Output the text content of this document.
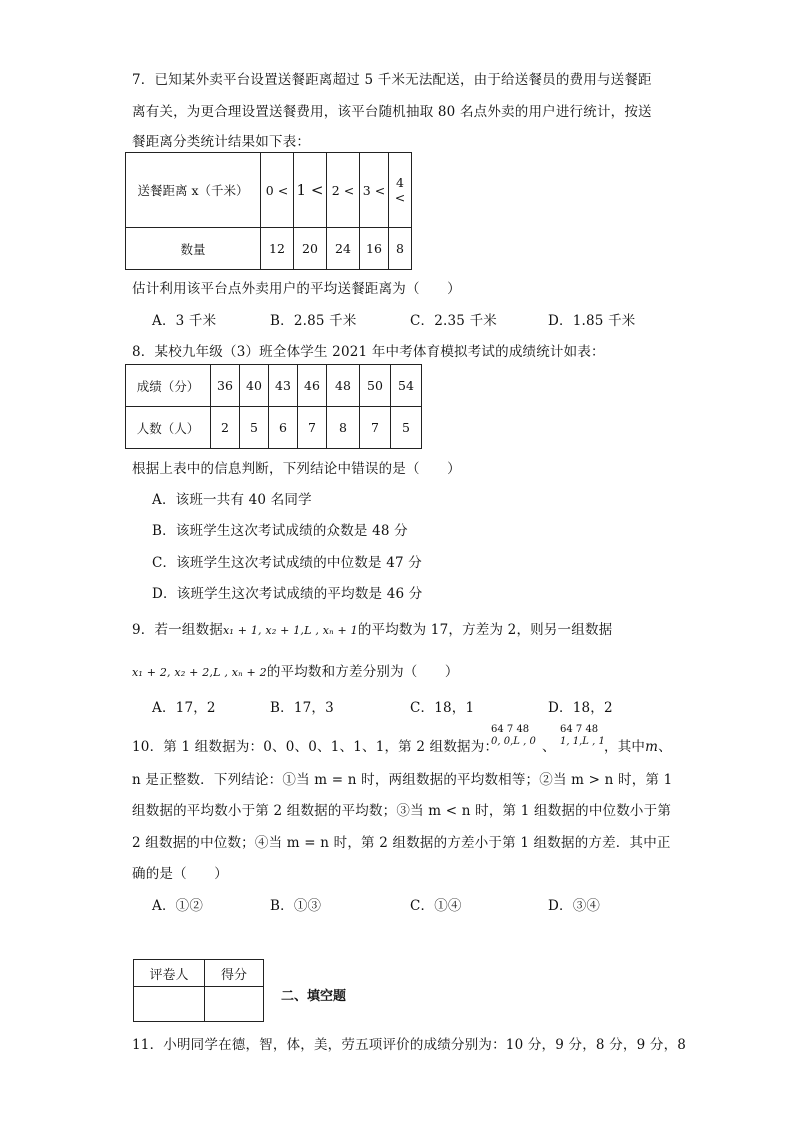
7．已知某外卖平台设置送餐距离超过 5 千米无法配送，由于给送餐员的费用与送餐距
离有关，为更合理设置送餐费用，该平台随机抽取 80 名点外卖的用户进行统计，按送
餐距离分类统计结果如下表：
送餐距离 x（千米）	0 <	1 <	2 <	3 <	4 <
数量	12	20	24	16	8
估计利用该平台点外卖用户的平均送餐距离为（　　）
A．3 千米	B．2.85 千米	C．2.35 千米	D．1.85 千米
8．某校九年级（3）班全体学生 2021 年中考体育模拟考试的成绩统计如表：
成绩（分）	36	40	43	46	48	50	54
人数（人）	2	5	6	7	8	7	5
根据上表中的信息判断，下列结论中错误的是（　　）
A．该班一共有 40 名同学
B．该班学生这次考试成绩的众数是 48 分
C．该班学生这次考试成绩的中位数是 47 分
D．该班学生这次考试成绩的平均数是 46 分
9．若一组数据x₁ + 1, x₂ + 1,L , xₙ + 1的平均数为 17，方差为 2，则另一组数据
x₁ + 2, x₂ + 2,L , xₙ + 2的平均数和方差分别为（　　）
A．17，2	B．17，3	C．18，1	D．18，2
10．第 1 组数据为：0、0、0、1、1、1，第 2 组数据为：
64 7 48
0, 0,L , 0 、
64 7 48
1, 1,L , 1 ，其中m、
n 是正整数．下列结论：①当 m = n 时，两组数据的平均数相等；②当 m > n 时，第 1
组数据的平均数小于第 2 组数据的平均数；③当 m < n 时，第 1 组数据的中位数小于第
2 组数据的中位数；④当 m = n 时，第 2 组数据的方差小于第 1 组数据的方差．其中正
确的是（　　）
A．①②	B．①③	C．①④	D．③④
评卷人	得分

二、填空题
11．小明同学在德，智，体，美，劳五项评价的成绩分别为：10 分，9 分，8 分，9 分，8
